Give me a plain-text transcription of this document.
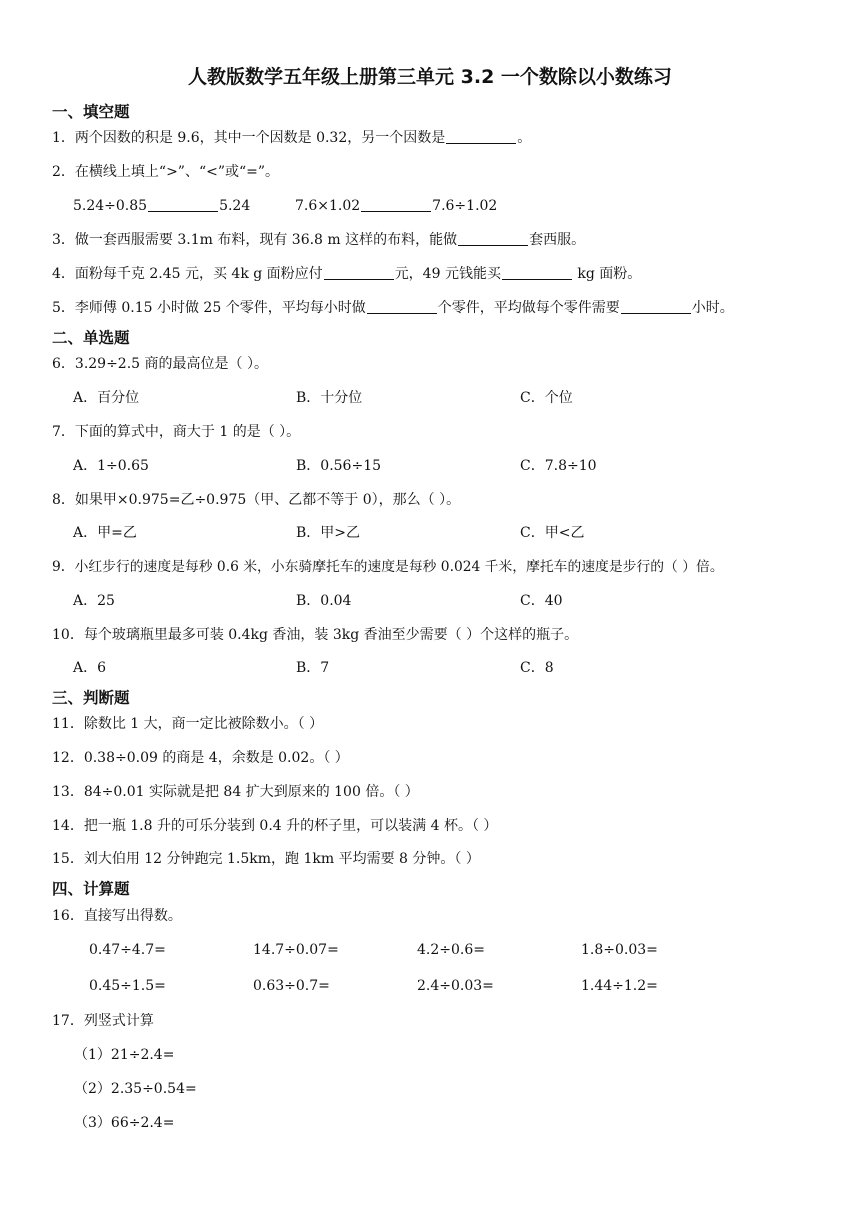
人教版数学五年级上册第三单元 3.2 一个数除以小数练习
一、填空题
1．两个因数的积是 9.6，其中一个因数是 0.32，另一个因数是	。
2．在横线上填上“>”、“<”或“=”。
5.24÷0.85	5.24	7.6×1.02	7.6÷1.02
3．做一套西服需要 3.1m 布料，现有 36.8 m 这样的布料，能做	套西服。
4．面粉每千克 2.45 元，买 4k g 面粉应付	元，49 元钱能买	kg 面粉。
5．李师傅 0.15 小时做 25 个零件，平均每小时做	个零件，平均做每个零件需要	小时。
二、单选题
6．3.29÷2.5 商的最高位是（ ）。
A．百分位	B．十分位	C．个位
7．下面的算式中，商大于 1 的是（ ）。
A．1÷0.65	B．0.56÷15	C．7.8÷10
8．如果甲×0.975=乙÷0.975（甲、乙都不等于 0），那么（ ）。
A．甲=乙	B．甲>乙	C．甲<乙
9．小红步行的速度是每秒 0.6 米，小东骑摩托车的速度是每秒 0.024 千米，摩托车的速度是步行的（ ）倍。
A．25	B．0.04	C．40
10．每个玻璃瓶里最多可装 0.4kg 香油，装 3kg 香油至少需要（ ）个这样的瓶子。
A．6	B．7	C．8
三、判断题
11．除数比 1 大，商一定比被除数小。（ ）
12．0.38÷0.09 的商是 4，余数是 0.02。（ ）
13．84÷0.01 实际就是把 84 扩大到原来的 100 倍。（ ）
14．把一瓶 1.8 升的可乐分装到 0.4 升的杯子里，可以装满 4 杯。（ ）
15．刘大伯用 12 分钟跑完 1.5km，跑 1km 平均需要 8 分钟。（ ）
四、计算题
16．直接写出得数。
0.47÷4.7=	14.7÷0.07=	4.2÷0.6=	1.8÷0.03=
0.45÷1.5=	0.63÷0.7=	2.4÷0.03=	1.44÷1.2=
17．列竖式计算
（1）21÷2.4=
（2）2.35÷0.54=
（3）66÷2.4=
